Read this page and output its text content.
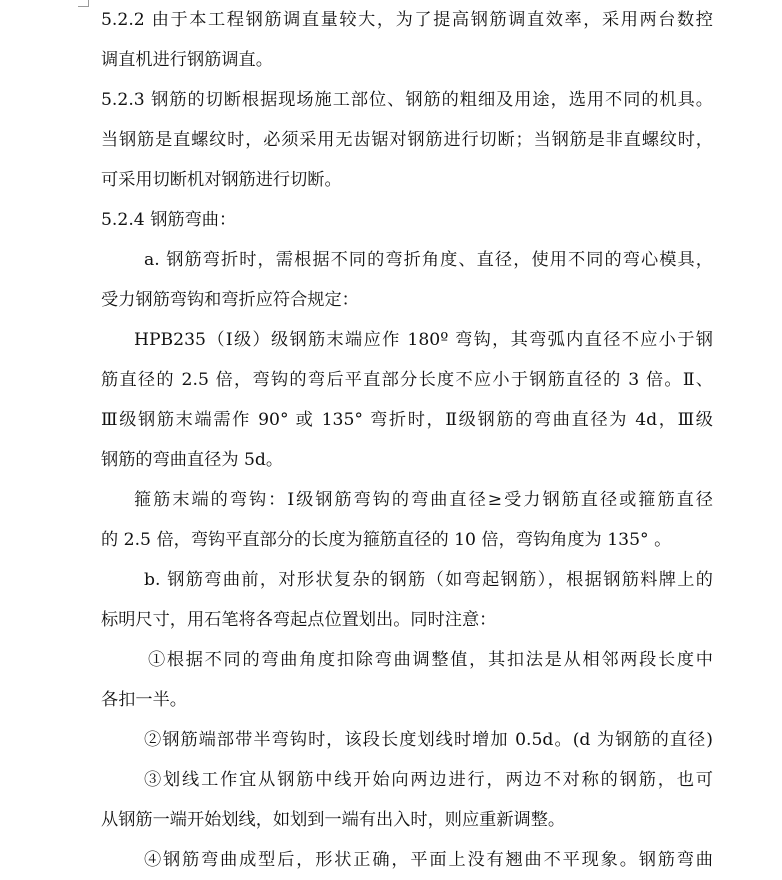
5.2.2 由于本工程钢筋调直量较大，为了提高钢筋调直效率，采用两台数控

调直机进行钢筋调直。

5.2.3 钢筋的切断根据现场施工部位、钢筋的粗细及用途，选用不同的机具。

当钢筋是直螺纹时，必须采用无齿锯对钢筋进行切断；当钢筋是非直螺纹时，

可采用切断机对钢筋进行切断。

5.2.4 钢筋弯曲：

a. 钢筋弯折时，需根据不同的弯折角度、直径，使用不同的弯心模具，

受力钢筋弯钩和弯折应符合规定：

HPB235（Ⅰ级）级钢筋末端应作 180º 弯钩，其弯弧内直径不应小于钢

筋直径的 2.5 倍，弯钩的弯后平直部分长度不应小于钢筋直径的 3 倍。Ⅱ、

Ⅲ级钢筋末端需作 90° 或 135° 弯折时，Ⅱ级钢筋的弯曲直径为 4d，Ⅲ级

钢筋的弯曲直径为 5d。

箍筋末端的弯钩：Ⅰ级钢筋弯钩的弯曲直径≥受力钢筋直径或箍筋直径

的 2.5 倍，弯钩平直部分的长度为箍筋直径的 10 倍，弯钩角度为 135° 。

b. 钢筋弯曲前，对形状复杂的钢筋（如弯起钢筋），根据钢筋料牌上的

标明尺寸，用石笔将各弯起点位置划出。同时注意：

①根据不同的弯曲角度扣除弯曲调整值，其扣法是从相邻两段长度中

各扣一半。

②钢筋端部带半弯钩时，该段长度划线时增加 0.5d。(d 为钢筋的直径)

③划线工作宜从钢筋中线开始向两边进行，两边不对称的钢筋，也可

从钢筋一端开始划线，如划到一端有出入时，则应重新调整。

④钢筋弯曲成型后，形状正确，平面上没有翘曲不平现象。钢筋弯曲
